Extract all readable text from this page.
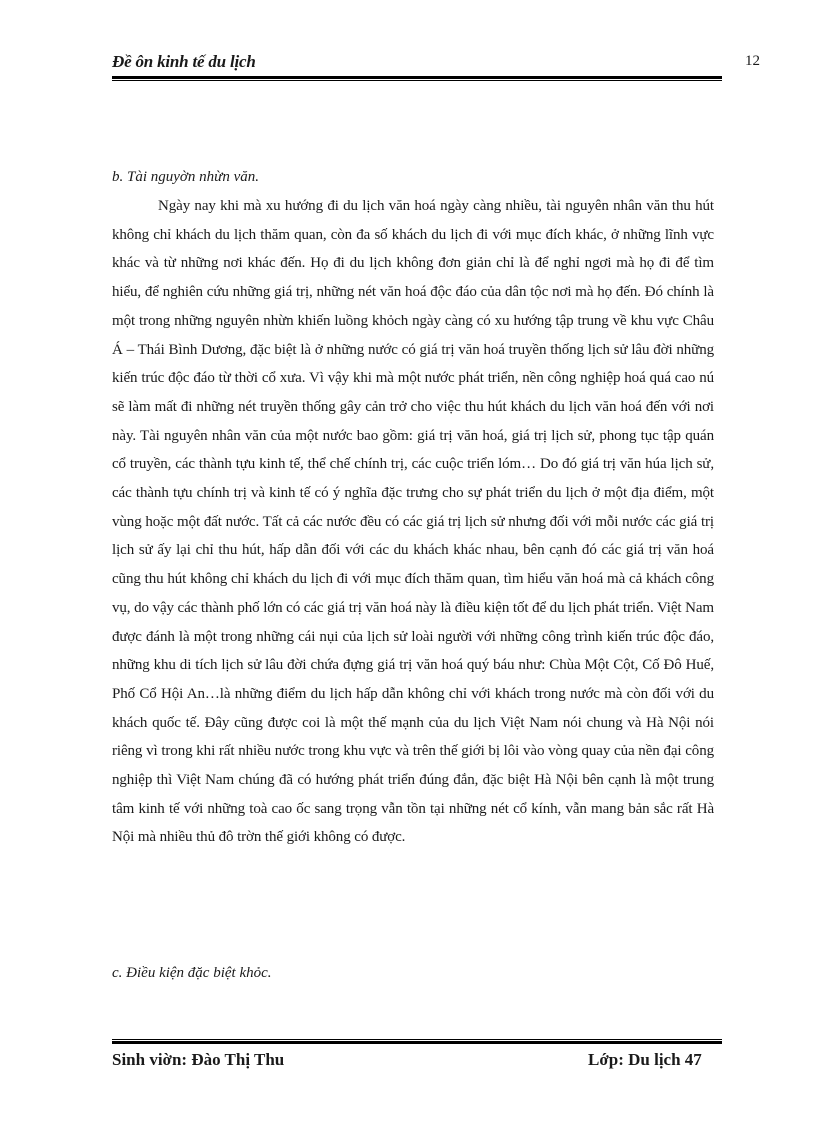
Đề ôn kinh tế du lịch	12

b. Tài nguyờn nhừn văn.

Ngày nay khi mà xu hướng đi du lịch văn hoá ngày càng nhiều, tài nguyên nhân văn thu hút không chỉ khách du lịch thăm quan, còn đa số khách du lịch đi với mục đích khác, ở những lĩnh vực khác và từ những nơi khác đến. Họ đi du lịch không đơn giản chỉ là để nghỉ ngơi mà họ đi để tìm hiểu, để nghiên cứu những giá trị, những nét văn hoá độc đáo của dân tộc nơi mà họ đến. Đó chính là một trong những nguyên nhừn khiến luồng khỏch ngày càng có xu hướng tập trung về khu vực Châu Á – Thái Bình Dương, đặc biệt là ở những nước có giá trị văn hoá truyền thống lịch sử lâu đời những kiến trúc độc đáo từ thời cổ xưa. Vì vậy khi mà một nước phát triển, nền công nghiệp hoá quá cao nú sẽ làm mất đi những nét truyền thống gây cản trở cho việc thu hút khách du lịch văn hoá đến với nơi này. Tài nguyên nhân văn của một nước bao gồm: giá trị văn hoá, giá trị lịch sử, phong tục tập quán cổ truyền, các thành tựu kinh tế, thể chế chính trị, các cuộc triển lóm… Do đó giá trị văn húa lịch sử, các thành tựu chính trị và kinh tế có ý nghĩa đặc trưng cho sự phát triển du lịch ở một địa điểm, một vùng hoặc một đất nước. Tất cả các nước đều có các giá trị lịch sử nhưng đối với mỗi nước các giá trị lịch sử ấy lại chỉ thu hút, hấp dẫn đối với các du khách khác nhau, bên cạnh đó các giá trị văn hoá cũng thu hút không chỉ khách du lịch đi với mục đích thăm quan, tìm hiểu văn hoá mà cả khách công vụ, do vậy các thành phố lớn có các giá trị văn hoá này là điều kiện tốt để du lịch phát triển. Việt Nam được đánh là một trong những cái nụi của lịch sử loài người với những công trình kiến trúc độc đáo, những khu di tích lịch sử lâu đời chứa đựng giá trị văn hoá quý báu như: Chùa Một Cột, Cố Đô Huế, Phố Cổ Hội An…là những điểm du lịch hấp dẫn không chỉ với khách trong nước mà còn đối với du khách quốc tế. Đây cũng được coi là một thế mạnh của du lịch Việt Nam nói chung và Hà Nội nói riêng vì trong khi rất nhiều nước trong khu vực và trên thế giới bị lôi vào vòng quay của nền đại công nghiệp thì Việt Nam chúng đã có hướng phát triển đúng đắn, đặc biệt Hà Nội bên cạnh là một trung tâm kinh tế với những toà cao ốc sang trọng vẫn tồn tại những nét cổ kính, vẫn mang bản sắc rất Hà Nội mà nhiều thủ đô trờn thế giới không có được.

c. Điều kiện đặc biệt khỏc.
Sinh viờn: Đào Thị Thu	Lớp: Du lịch 47
